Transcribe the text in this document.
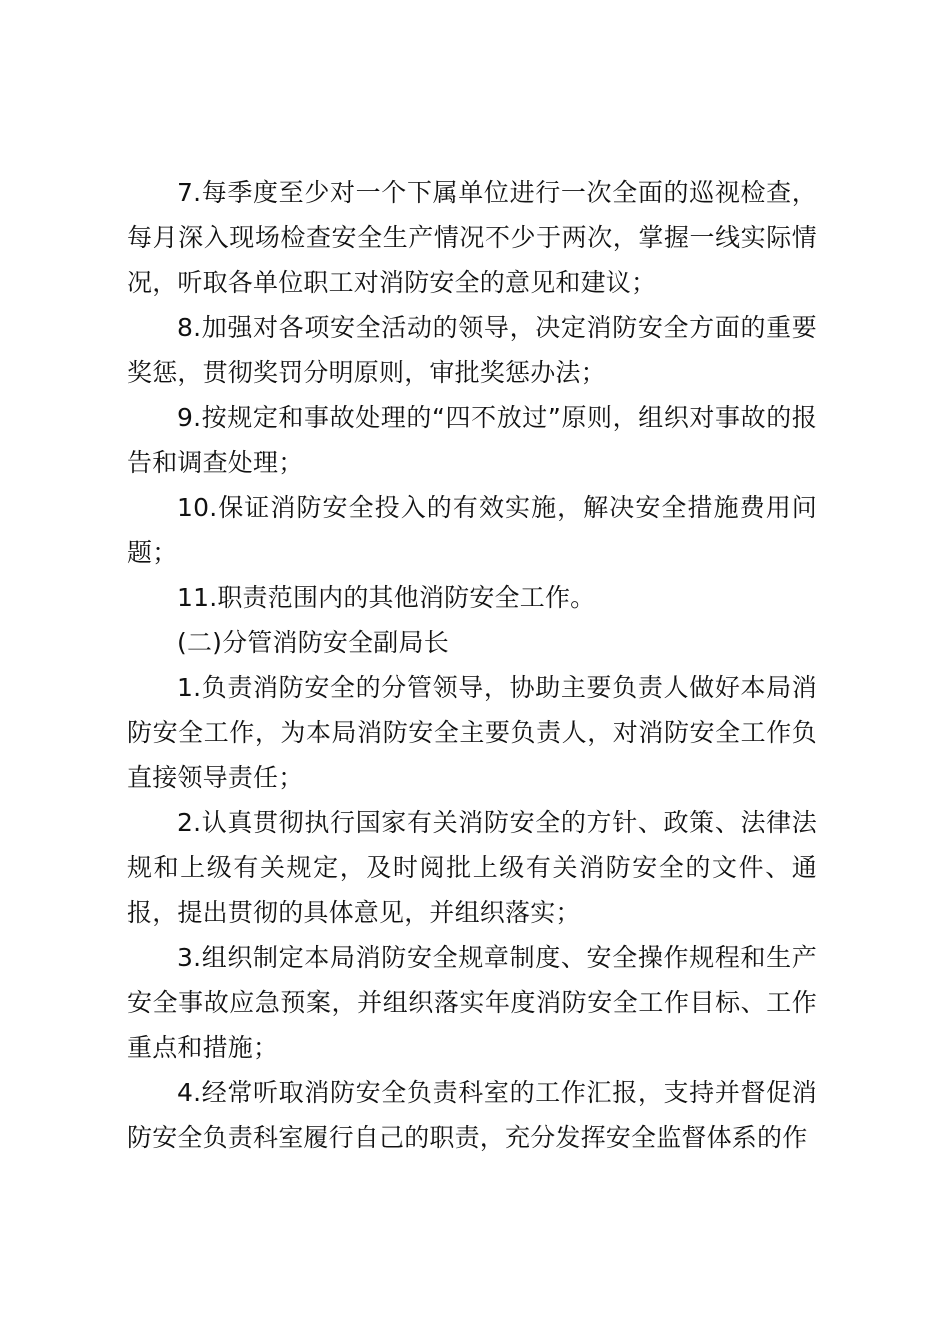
7.每季度至少对一个下属单位进行一次全面的巡视检查，每月深入现场检查安全生产情况不少于两次，掌握一线实际情况，听取各单位职工对消防安全的意见和建议；

8.加强对各项安全活动的领导，决定消防安全方面的重要奖惩，贯彻奖罚分明原则，审批奖惩办法；

9.按规定和事故处理的“四不放过”原则，组织对事故的报告和调查处理；

10.保证消防安全投入的有效实施，解决安全措施费用问题；

11.职责范围内的其他消防安全工作。

(二)分管消防安全副局长

1.负责消防安全的分管领导，协助主要负责人做好本局消防安全工作，为本局消防安全主要负责人，对消防安全工作负直接领导责任；

2.认真贯彻执行国家有关消防安全的方针、政策、法律法规和上级有关规定，及时阅批上级有关消防安全的文件、通报，提出贯彻的具体意见，并组织落实；

3.组织制定本局消防安全规章制度、安全操作规程和生产安全事故应急预案，并组织落实年度消防安全工作目标、工作重点和措施；

4.经常听取消防安全负责科室的工作汇报，支持并督促消防安全负责科室履行自己的职责，充分发挥安全监督体系的作
